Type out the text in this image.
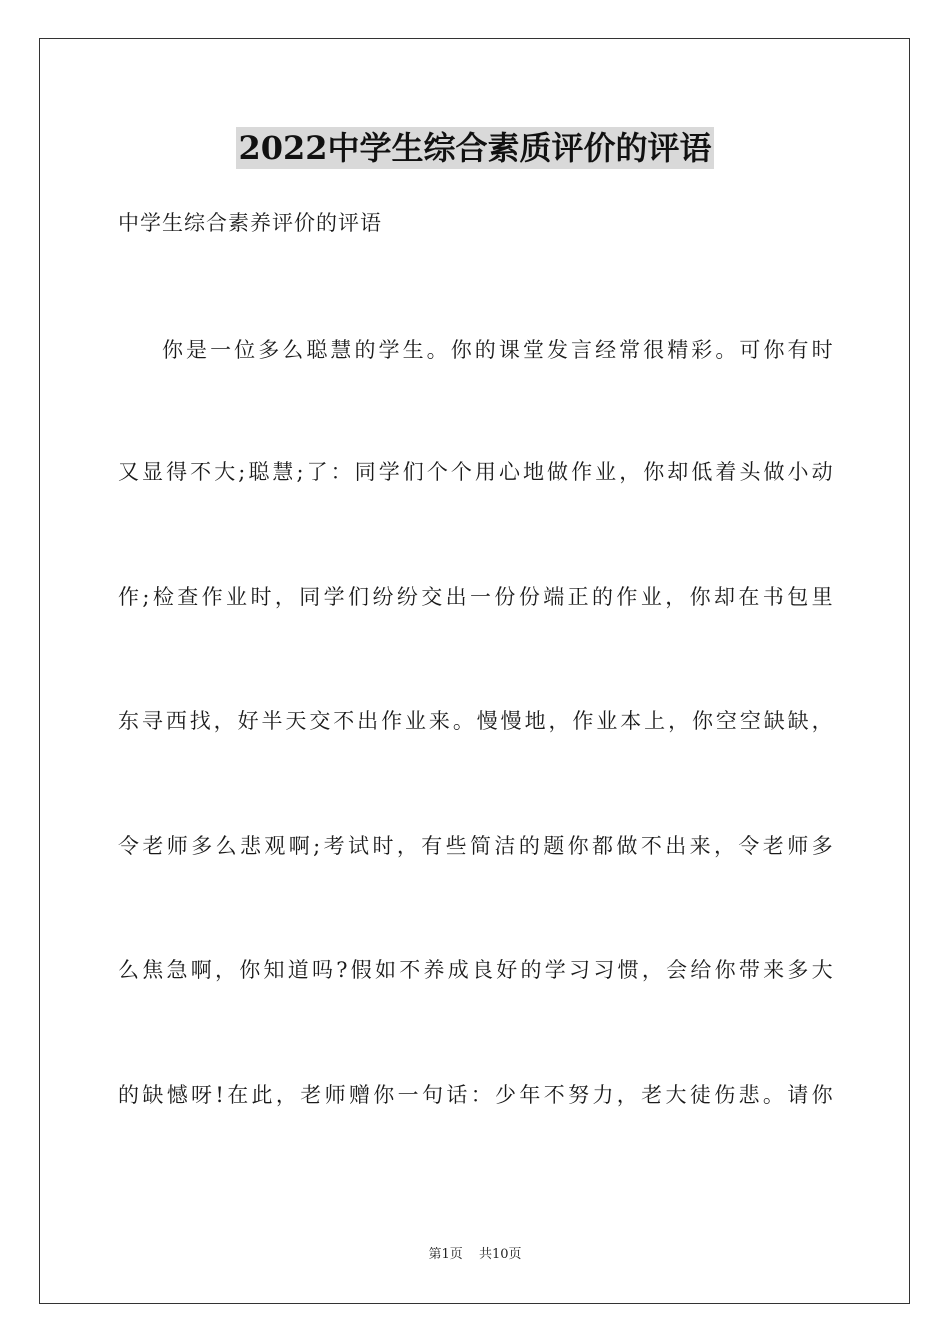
2022中学生综合素质评价的评语
中学生综合素养评价的评语
你是一位多么聪慧的学生。你的课堂发言经常很精彩。可你有时
又显得不大;聪慧;了：同学们个个用心地做作业，你却低着头做小动
作;检查作业时，同学们纷纷交出一份份端正的作业，你却在书包里
东寻西找，好半天交不出作业来。慢慢地，作业本上，你空空缺缺，
令老师多么悲观啊;考试时，有些简洁的题你都做不出来，令老师多
么焦急啊，你知道吗?假如不养成良好的学习习惯，会给你带来多大
的缺憾呀!在此，老师赠你一句话：少年不努力，老大徒伤悲。请你
第1页 共10页
